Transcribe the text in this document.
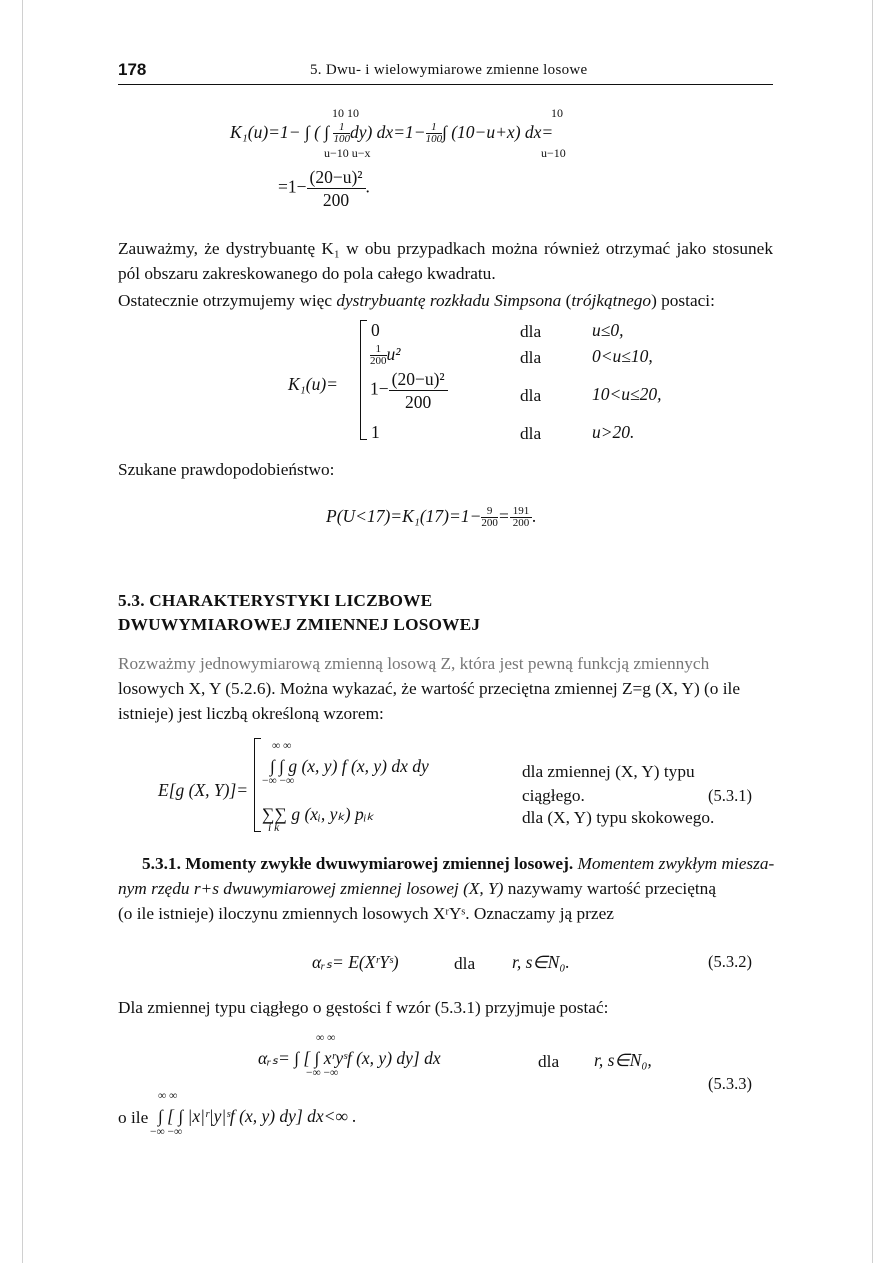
178	5. Dwu- i wielowymiarowe zmienne losowe
10 10
u−10 u−x
10
u−10
K₁(u)=1− ∫ ( ∫ $\frac{1}{100} dy$) $dx=1- \frac{1}{100}$ ∫ (10−u+x) dx=
$=1- \frac{\text{(20−u)²}}{200}$ .
Zauważmy, że dystrybuantę K₁ w obu przypadkach można również otrzymać jako stosunek pól obszaru zakreskowanego do pola całego kwadratu.
Ostatecznie otrzymujemy więc dystrybuantę rozkładu Simpsona (trójkątnego) postaci:
K₁(u)=
0	dla	u≤0,
$\frac{1}{200} u^2$	dla	0<u≤10,
$1- \frac{\text{(20−u)²}}{200}$	dla	10<u≤20,
1	dla	u>20.
Szukane prawdopodobieństwo:
$P(U<17)=K_1(17)=1- \frac{9}{200} = \frac{191}{200}$ .
5.3. CHARAKTERYSTYKI LICZBOWE
DWUWYMIAROWEJ ZMIENNEJ LOSOWEJ
Rozważmy jednowymiarową zmienną losową Z, która jest pewną funkcją zmiennych
losowych X, Y (5.2.6). Można wykazać, że wartość przeciętna zmiennej Z=g (X, Y) (o ile
istnieje) jest liczbą określoną wzorem:
E[g (X, Y)]=
∞ ∞
∫ ∫ g (x, y) f (x, y) dx dy
−∞ −∞	dla zmiennej (X, Y) typu
ciągłego.	(5.3.1)
∑∑ g (xᵢ, yₖ) pᵢₖ
i k
dla (X, Y) typu skokowego.
5.3.1. Momenty zwykłe dwuwymiarowej zmiennej losowej. Momentem zwykłym miesza-
nym rzędu r+s dwuwymiarowej zmiennej losowej (X, Y) nazywamy wartość przeciętną
(o ile istnieje) iloczynu zmiennych losowych XʳYˢ. Oznaczamy ją przez
αᵣₛ= E(XʳYˢ)	dla r, s∈N₀.	(5.3.2)
Dla zmiennej typu ciągłego o gęstości f wzór (5.3.1) przyjmuje postać:
∞ ∞
αᵣₛ= ∫ [ ∫ xʳyˢf (x, y) dy] dx
−∞ −∞
dla r, s∈N₀,
(5.3.3)
∞ ∞
o ile ∫ [ ∫ |x|ʳ|y|ˢf (x, y) dy] dx<∞ .
−∞ −∞
